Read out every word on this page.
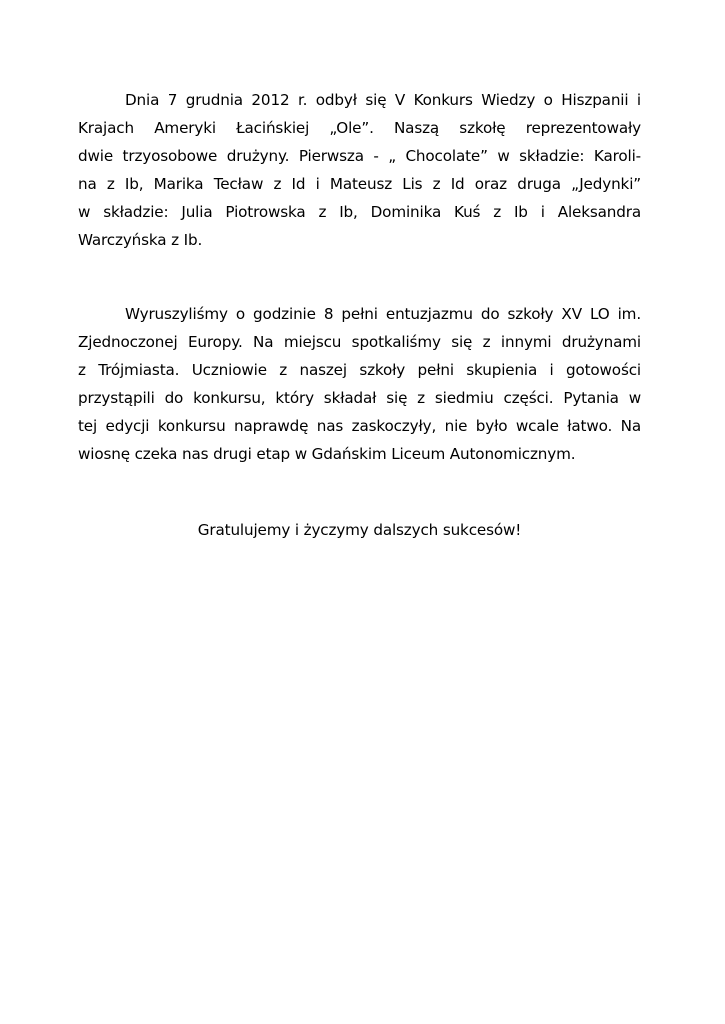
Dnia 7 grudnia 2012 r. odbył się V Konkurs Wiedzy o Hiszpanii i
Krajach Ameryki Łacińskiej „Ole”. Naszą szkołę reprezentowały
dwie trzyosobowe drużyny. Pierwsza - „ Chocolate” w składzie: Karoli-
na z Ib, Marika Tecław z Id i Mateusz Lis z Id oraz druga „Jedynki”
w składzie: Julia Piotrowska z Ib, Dominika Kuś z Ib i Aleksandra
Warczyńska z Ib.
Wyruszyliśmy o godzinie 8 pełni entuzjazmu do szkoły XV LO im.
Zjednoczonej Europy. Na miejscu spotkaliśmy się z innymi drużynami
z Trójmiasta. Uczniowie z naszej szkoły pełni skupienia i gotowości
przystąpili do konkursu, który składał się z siedmiu części. Pytania w
tej edycji konkursu naprawdę nas zaskoczyły, nie było wcale łatwo. Na
wiosnę czeka nas drugi etap w Gdańskim Liceum Autonomicznym.
Gratulujemy i życzymy dalszych sukcesów!
